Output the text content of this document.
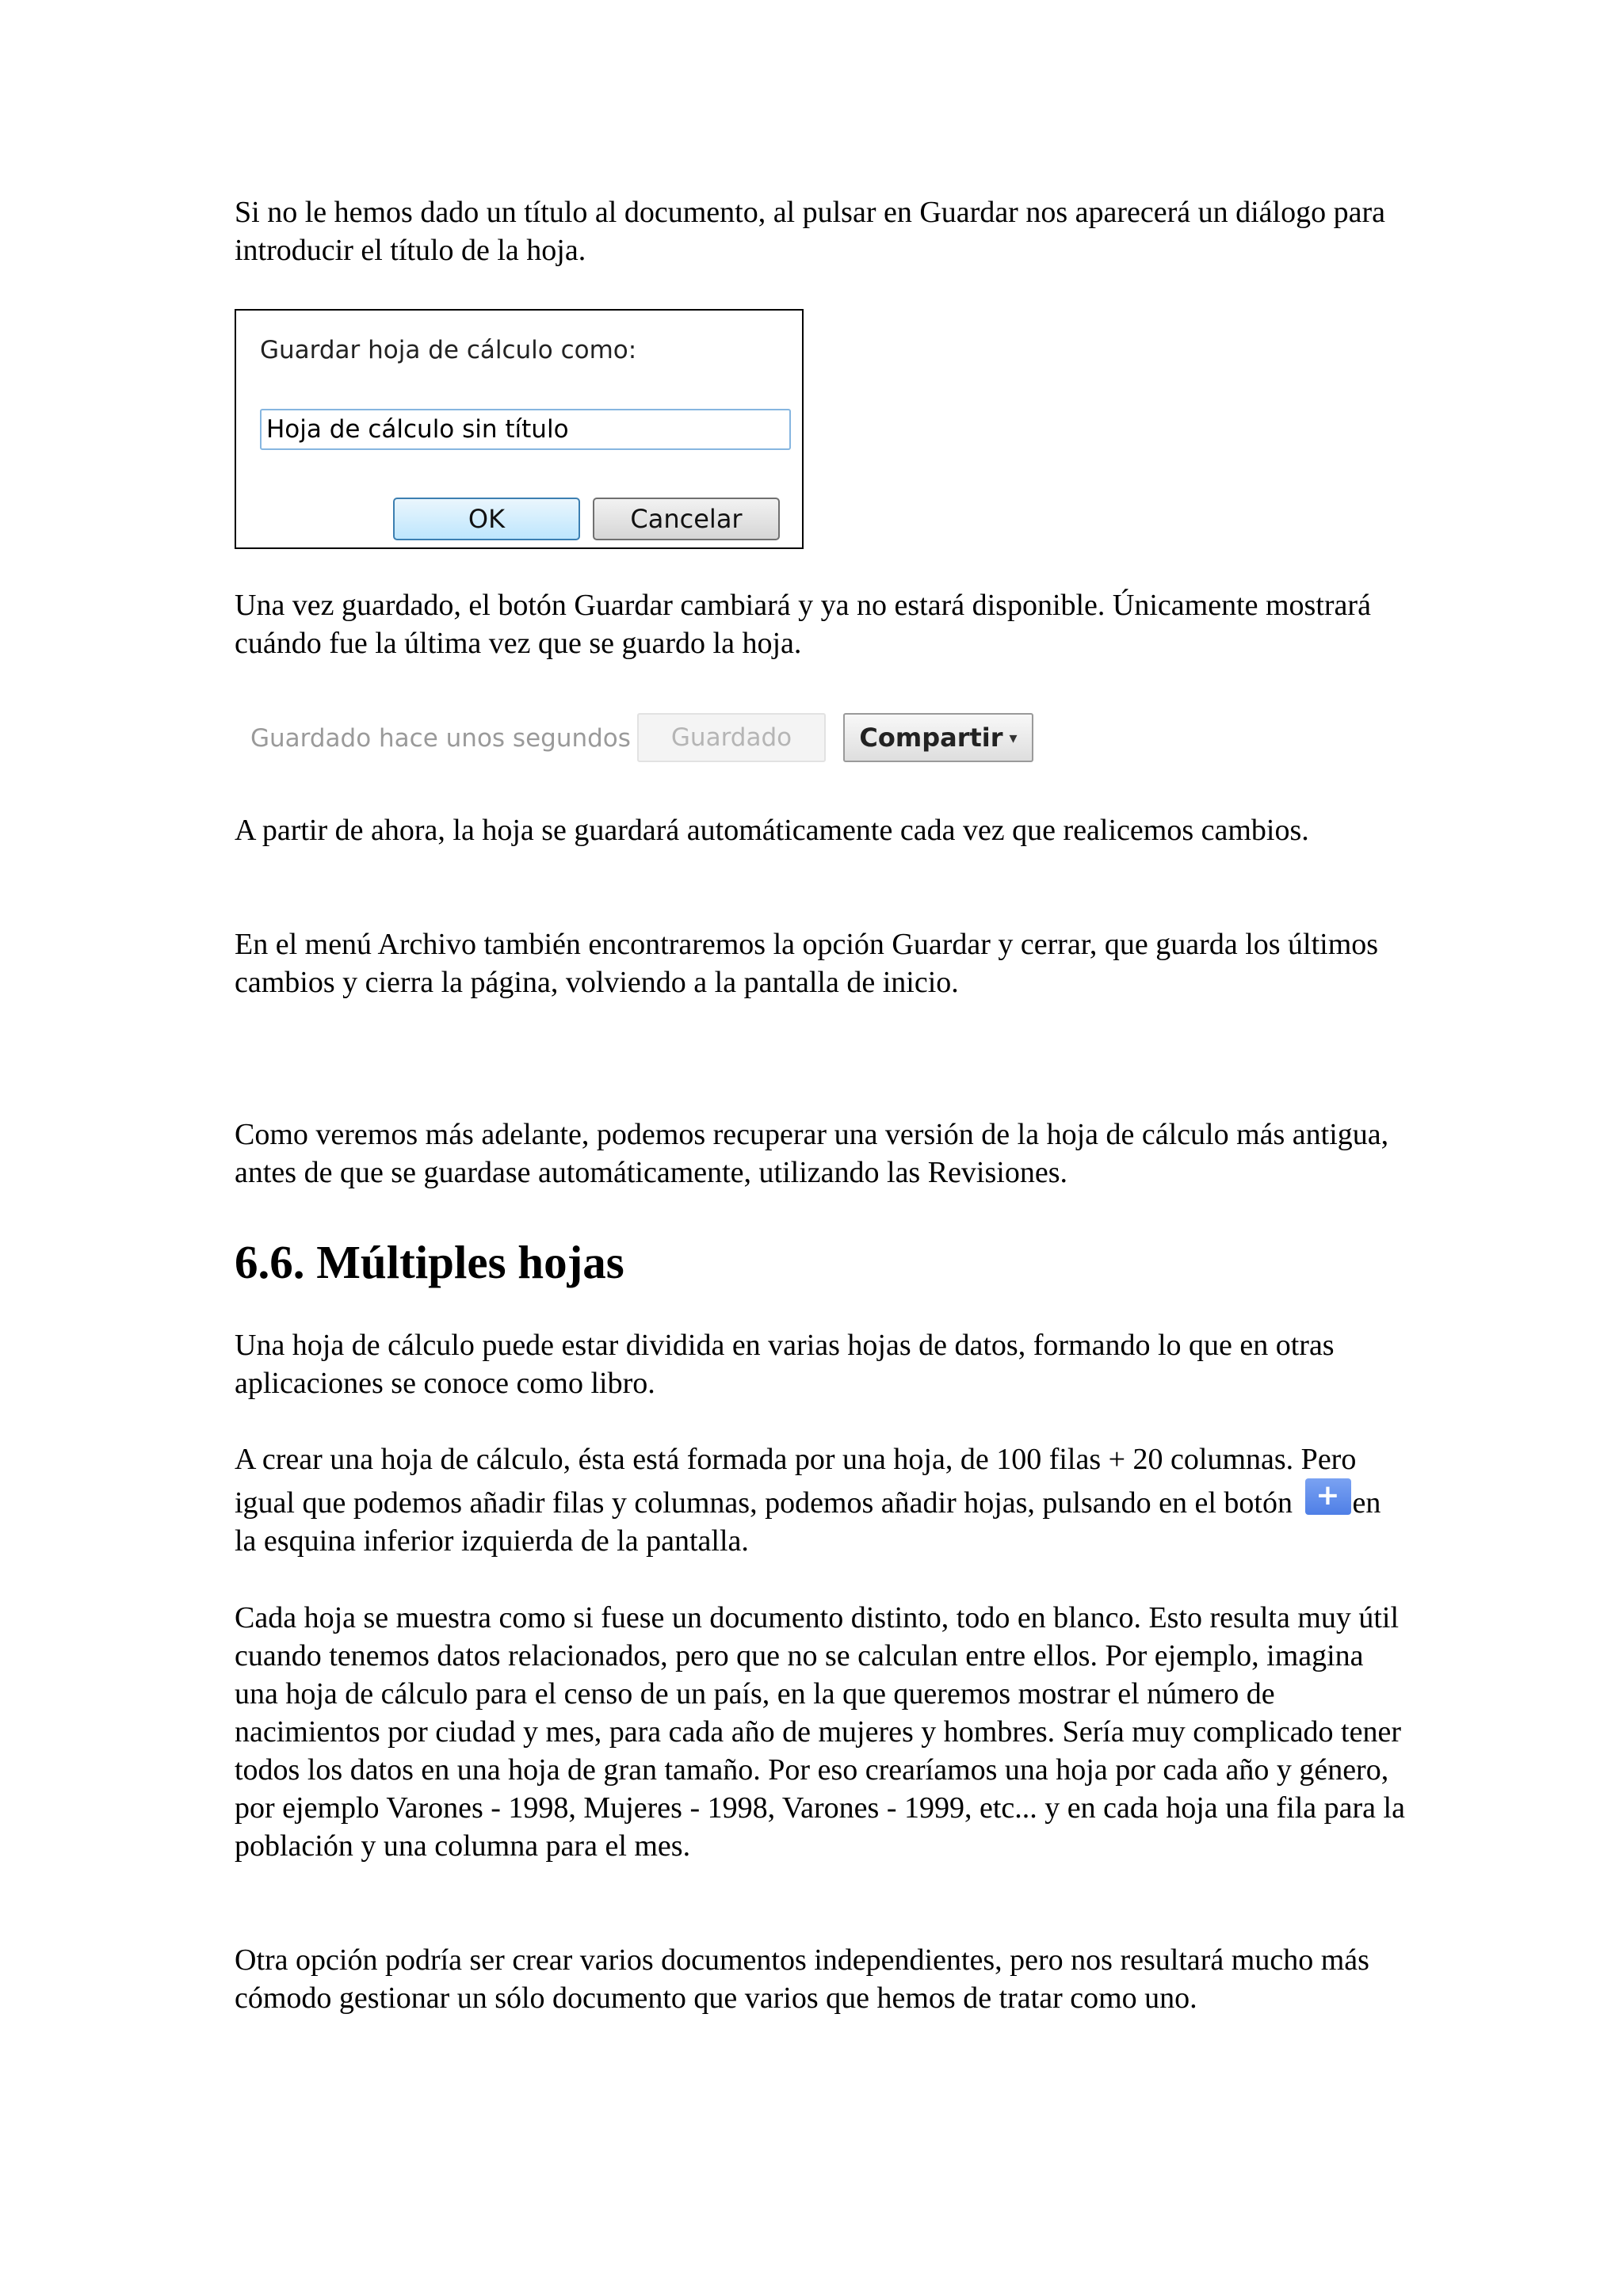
Si no le hemos dado un título al documento, al pulsar en Guardar nos aparecerá un diálogo para introducir el título de la hoja.

Guardar hoja de cálculo como:
Hoja de cálculo sin título
OK	Cancelar

Una vez guardado, el botón Guardar cambiará y ya no estará disponible. Únicamente mostrará cuándo fue la última vez que se guardo la hoja.

Guardado hace unos segundos	Guardado	Compartir ▾

A partir de ahora, la hoja se guardará automáticamente cada vez que realicemos cambios.

En el menú Archivo también encontraremos la opción Guardar y cerrar, que guarda los últimos cambios y cierra la página, volviendo a la pantalla de inicio.

Como veremos más adelante, podemos recuperar una versión de la hoja de cálculo más antigua, antes de que se guardase automáticamente, utilizando las Revisiones.

6.6. Múltiples hojas

Una hoja de cálculo puede estar dividida en varias hojas de datos, formando lo que en otras aplicaciones se conoce como libro.

A crear una hoja de cálculo, ésta está formada por una hoja, de 100 filas + 20 columnas. Pero igual que podemos añadir filas y columnas, podemos añadir hojas, pulsando en el botón + en la esquina inferior izquierda de la pantalla.

Cada hoja se muestra como si fuese un documento distinto, todo en blanco. Esto resulta muy útil cuando tenemos datos relacionados, pero que no se calculan entre ellos. Por ejemplo, imagina una hoja de cálculo para el censo de un país, en la que queremos mostrar el número de nacimientos por ciudad y mes, para cada año de mujeres y hombres. Sería muy complicado tener todos los datos en una hoja de gran tamaño. Por eso crearíamos una hoja por cada año y género, por ejemplo Varones - 1998, Mujeres - 1998, Varones - 1999, etc... y en cada hoja una fila para la población y una columna para el mes.

Otra opción podría ser crear varios documentos independientes, pero nos resultará mucho más cómodo gestionar un sólo documento que varios que hemos de tratar como uno.
